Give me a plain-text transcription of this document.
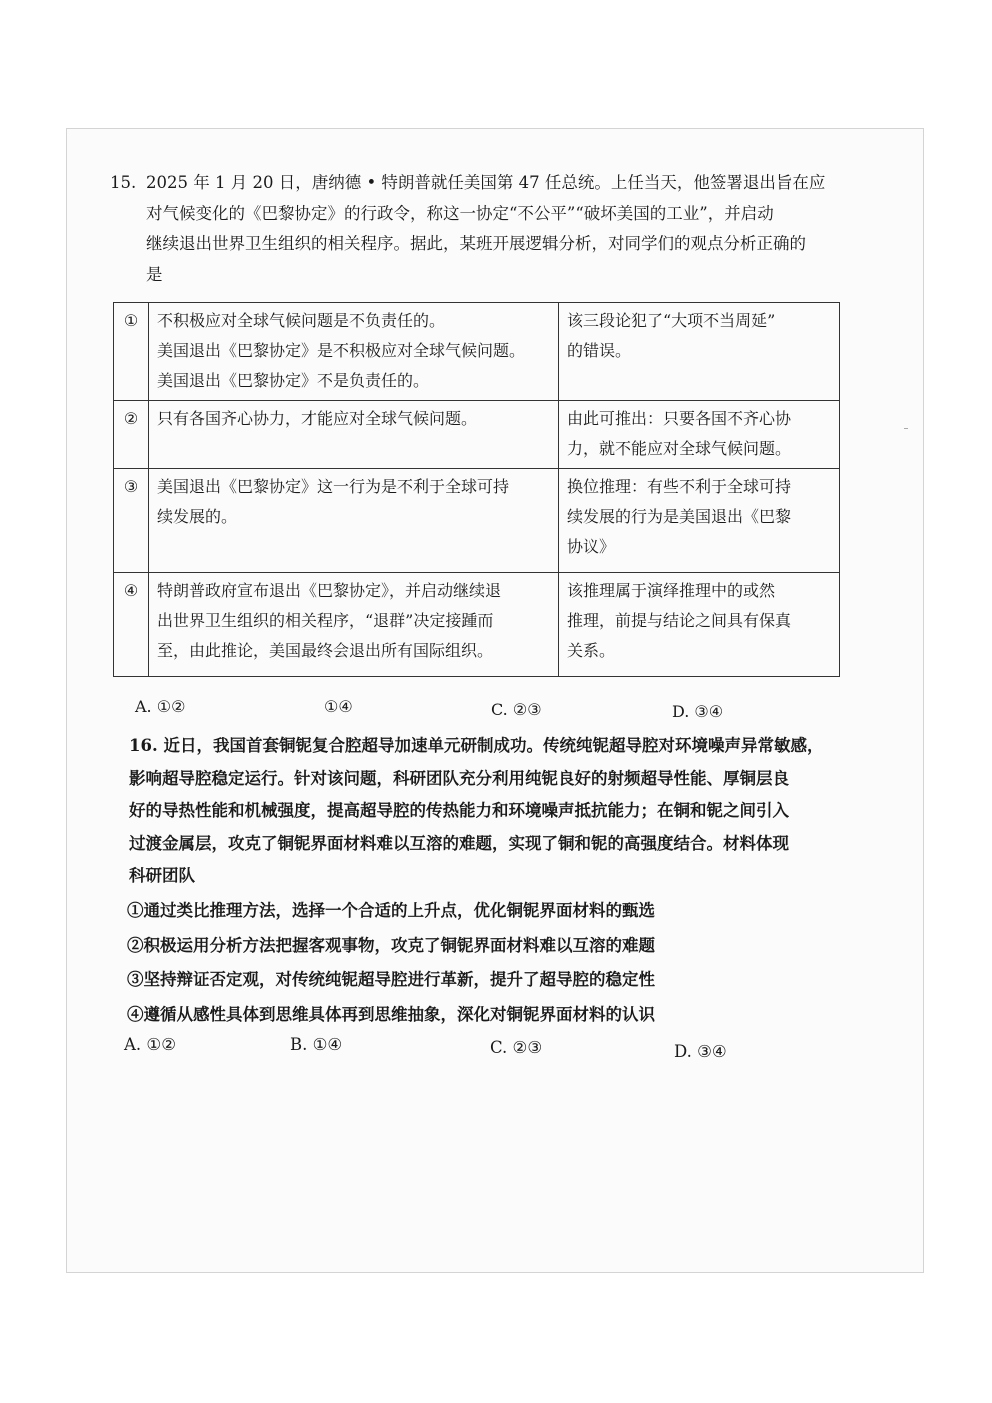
15. 2025 年 1 月 20 日，唐纳德 • 特朗普就任美国第 47 任总统。上任当天，他签署退出旨在应
对气候变化的《巴黎协定》的行政令，称这一协定“不公平”“破坏美国的工业”，并启动
继续退出世界卫生组织的相关程序。据此，某班开展逻辑分析，对同学们的观点分析正确的
是
①	不积极应对全球气候问题是不负责任的。
美国退出《巴黎协定》是不积极应对全球气候问题。
美国退出《巴黎协定》不是负责任的。	该三段论犯了“大项不当周延”
的错误。

②	只有各国齐心协力，才能应对全球气候问题。	由此可推出：只要各国不齐心协
力，就不能应对全球气候问题。

③	美国退出《巴黎协定》这一行为是不利于全球可持
续发展的。	换位推理：有些不利于全球可持
续发展的行为是美国退出《巴黎
协议》

④	特朗普政府宣布退出《巴黎协定》，并启动继续退
出世界卫生组织的相关程序，“退群”决定接踵而
至，由此推论，美国最终会退出所有国际组织。	该推理属于演绎推理中的或然
推理，前提与结论之间具有保真
关系。
A. ①②	①④	C. ②③	D. ③④
16. 近日，我国首套铜铌复合腔超导加速单元研制成功。传统纯铌超导腔对环境噪声异常敏感，
影响超导腔稳定运行。针对该问题，科研团队充分利用纯铌良好的射频超导性能、厚铜层良
好的导热性能和机械强度，提高超导腔的传热能力和环境噪声抵抗能力；在铜和铌之间引入
过渡金属层，攻克了铜铌界面材料难以互溶的难题，实现了铜和铌的高强度结合。材料体现
科研团队
①通过类比推理方法，选择一个合适的上升点，优化铜铌界面材料的甄选
②积极运用分析方法把握客观事物，攻克了铜铌界面材料难以互溶的难题
③坚持辩证否定观，对传统纯铌超导腔进行革新，提升了超导腔的稳定性
④遵循从感性具体到思维具体再到思维抽象，深化对铜铌界面材料的认识
A. ①②	B. ①④	C. ②③	D. ③④
